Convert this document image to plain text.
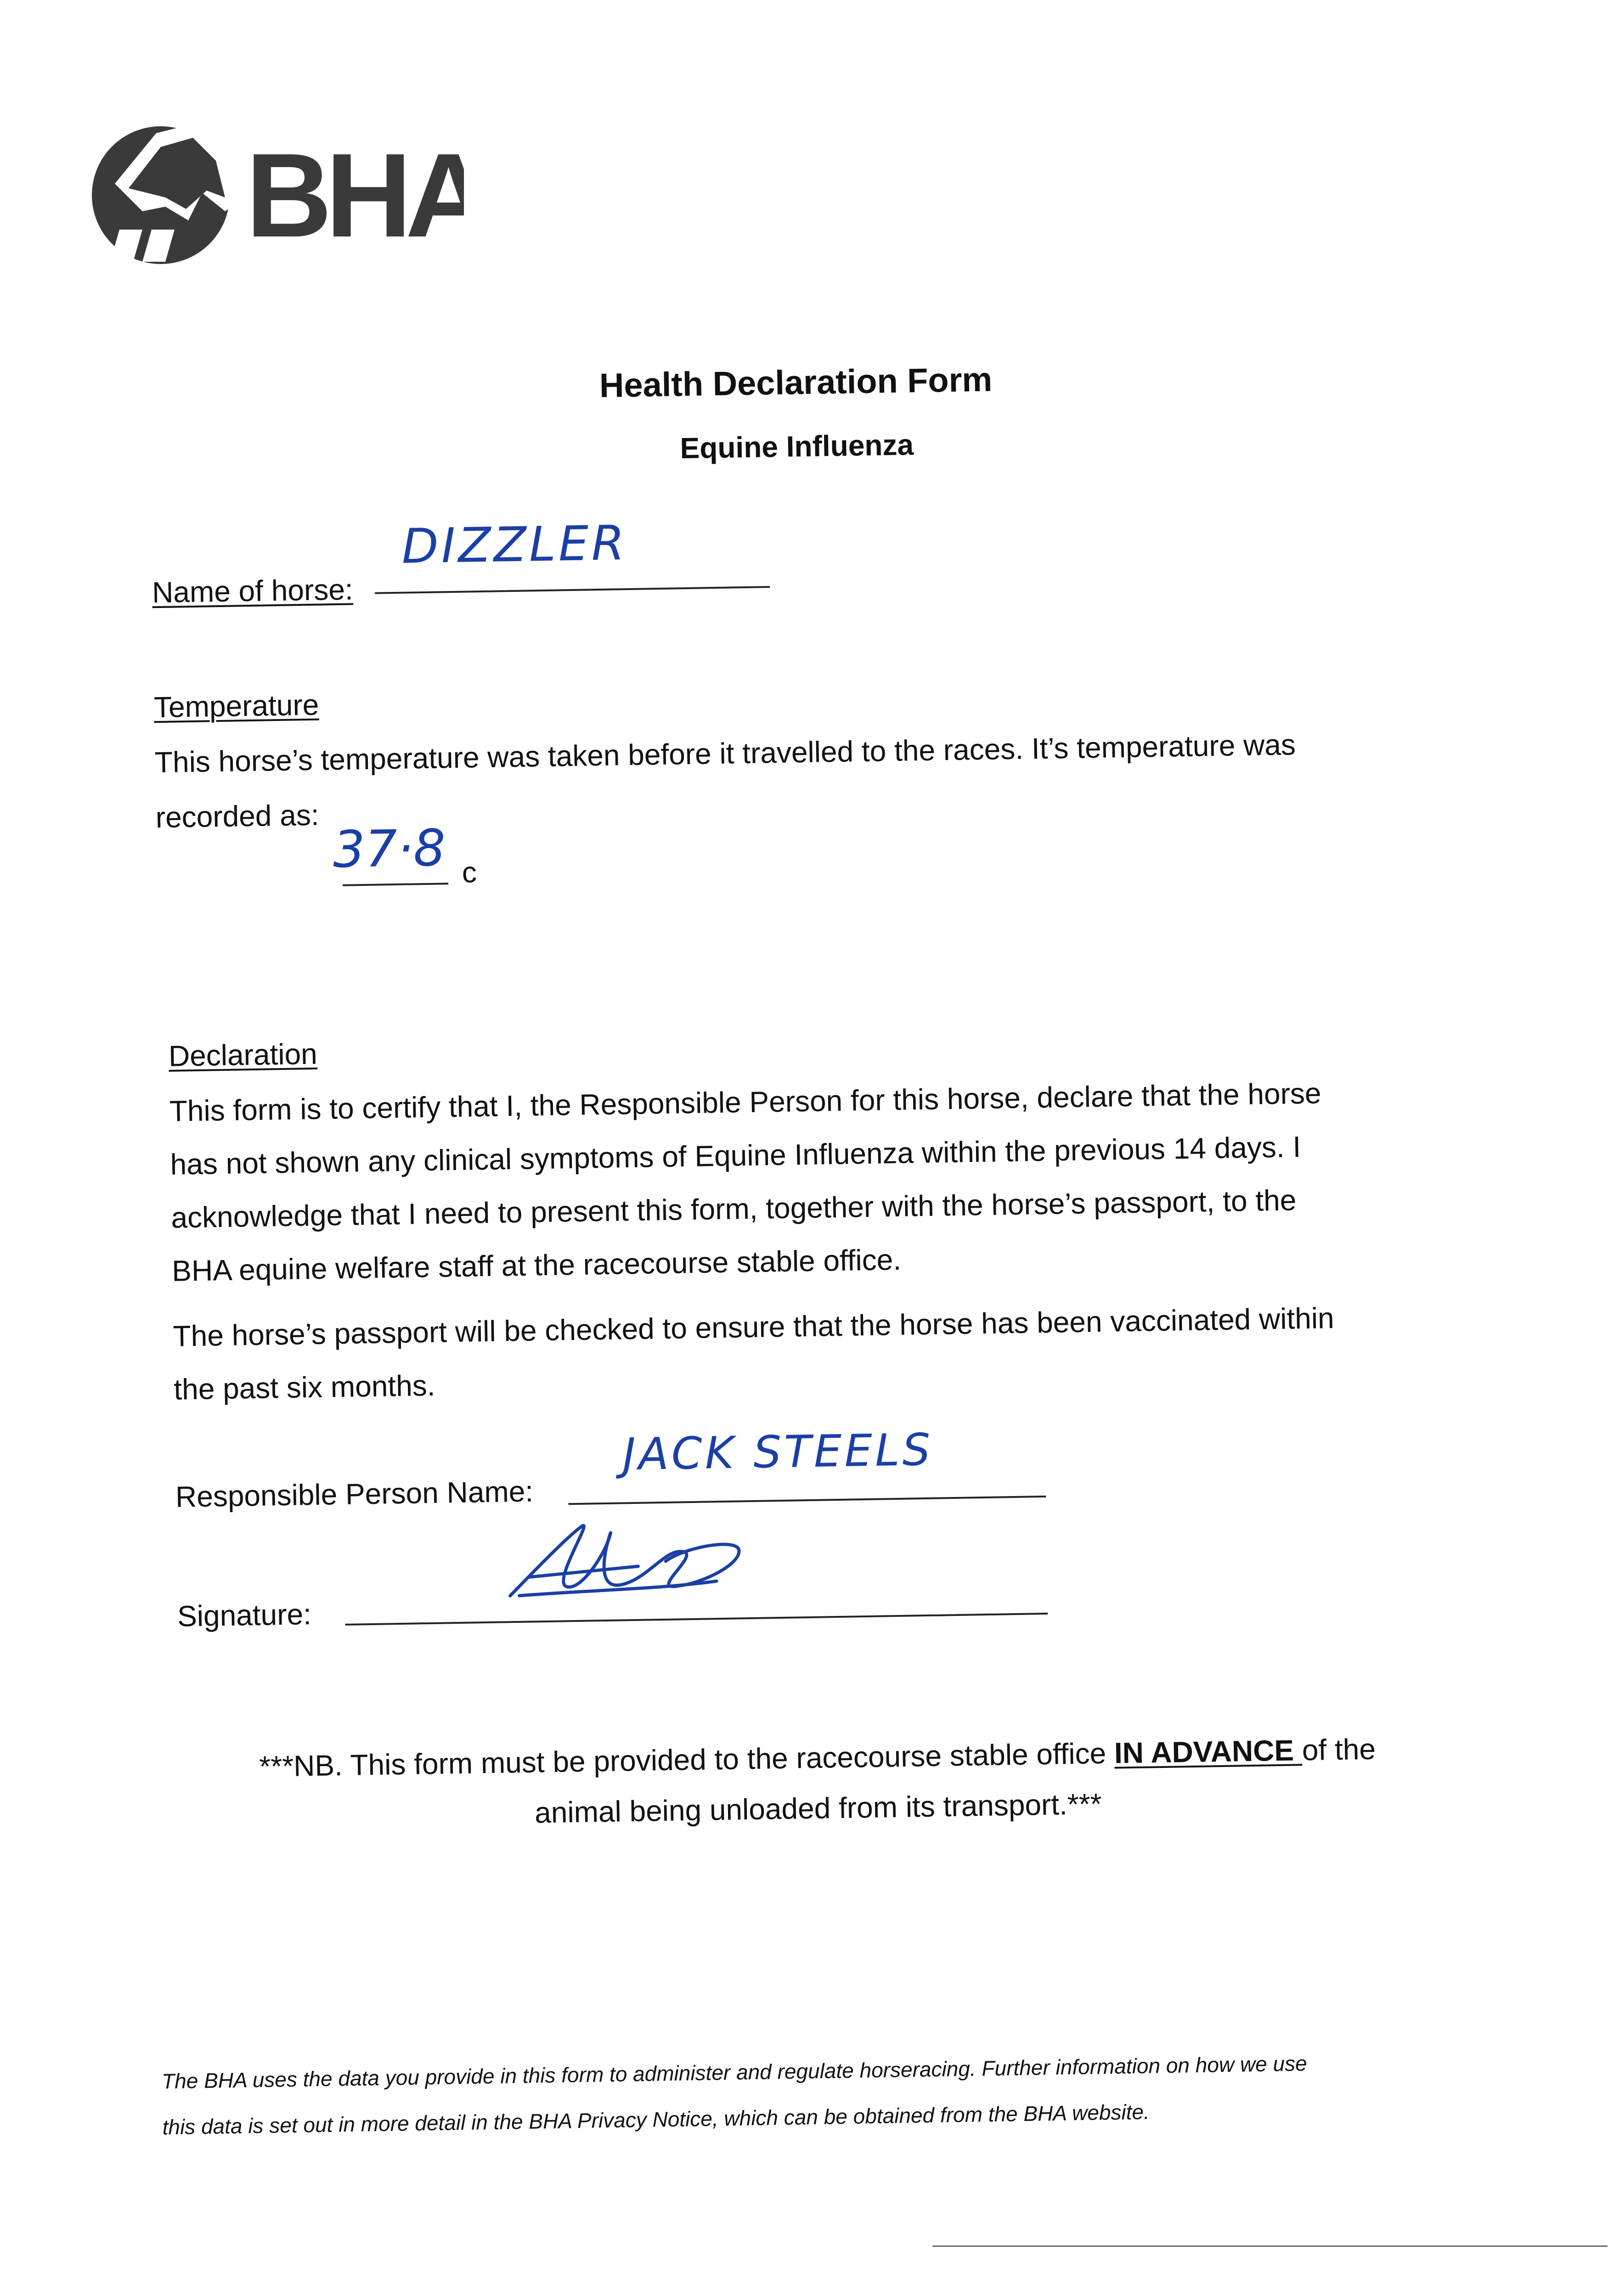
BHA
Health Declaration Form
Equine Influenza
Name of horse:
DIZZLER
Temperature
This horse’s temperature was taken before it travelled to the races. It’s temperature was
recorded as:
37·8 c
Declaration
This form is to certify that I, the Responsible Person for this horse, declare that the horse
has not shown any clinical symptoms of Equine Influenza within the previous 14 days. I
acknowledge that I need to present this form, together with the horse’s passport, to the
BHA equine welfare staff at the racecourse stable office.
The horse’s passport will be checked to ensure that the horse has been vaccinated within
the past six months.
Responsible Person Name:
JACK STEELS
Signature:
***NB. This form must be provided to the racecourse stable office IN ADVANCE of the
animal being unloaded from its transport.***
The BHA uses the data you provide in this form to administer and regulate horseracing. Further information on how we use
this data is set out in more detail in the BHA Privacy Notice, which can be obtained from the BHA website.
